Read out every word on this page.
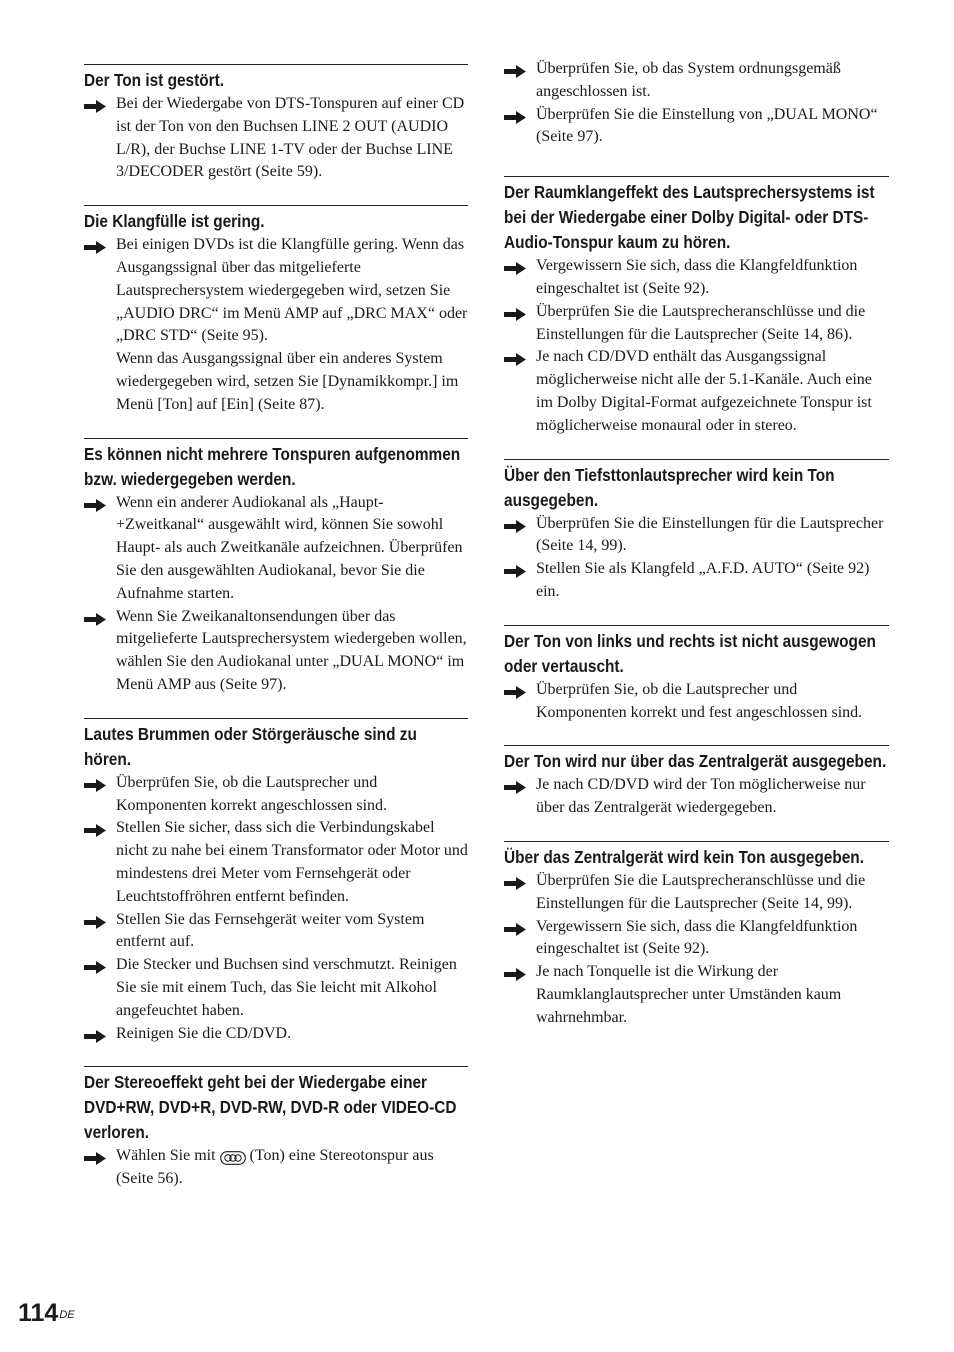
Der Ton ist gestört.

Bei der Wiedergabe von DTS-Tonspuren auf einer CD ist der Ton von den Buchsen LINE 2 OUT (AUDIO L/R), der Buchse LINE 1-TV oder der Buchse LINE 3/DECODER gestört (Seite 59).

Die Klangfülle ist gering.

Bei einigen DVDs ist die Klangfülle gering. Wenn das Ausgangssignal über das mitgelieferte Lautsprechersystem wiedergegeben wird, setzen Sie „AUDIO DRC“ im Menü AMP auf „DRC MAX“ oder „DRC STD“ (Seite 95).

Wenn das Ausgangssignal über ein anderes System wiedergegeben wird, setzen Sie [Dynamikkompr.] im Menü [Ton] auf [Ein] (Seite 87).

Es können nicht mehrere Tonspuren aufgenommen bzw. wiedergegeben werden.

Wenn ein anderer Audiokanal als „Haupt-+Zweitkanal“ ausgewählt wird, können Sie sowohl Haupt- als auch Zweitkanäle aufzeichnen. Überprüfen Sie den ausgewählten Audiokanal, bevor Sie die Aufnahme starten.

Wenn Sie Zweikanaltonsendungen über das mitgelieferte Lautsprechersystem wiedergeben wollen, wählen Sie den Audiokanal unter „DUAL MONO“ im Menü AMP aus (Seite 97).

Lautes Brummen oder Störgeräusche sind zu hören.

Überprüfen Sie, ob die Lautsprecher und Komponenten korrekt angeschlossen sind.

Stellen Sie sicher, dass sich die Verbindungskabel nicht zu nahe bei einem Transformator oder Motor und mindestens drei Meter vom Fernsehgerät oder Leuchtstoffröhren entfernt befinden.

Stellen Sie das Fernsehgerät weiter vom System entfernt auf.

Die Stecker und Buchsen sind verschmutzt. Reinigen Sie sie mit einem Tuch, das Sie leicht mit Alkohol angefeuchtet haben.

Reinigen Sie die CD/DVD.

Der Stereoeffekt geht bei der Wiedergabe einer DVD+RW, DVD+R, DVD-RW, DVD-R oder VIDEO-CD verloren.

Wählen Sie mit (Ton) eine Stereotonspur aus (Seite 56).

Überprüfen Sie, ob das System ordnungsgemäß angeschlossen ist.

Überprüfen Sie die Einstellung von „DUAL MONO“ (Seite 97).

Der Raumklangeffekt des Lautsprechersystems ist bei der Wiedergabe einer Dolby Digital- oder DTS-Audio-Tonspur kaum zu hören.

Vergewissern Sie sich, dass die Klangfeldfunktion eingeschaltet ist (Seite 92).

Überprüfen Sie die Lautsprecheranschlüsse und die Einstellungen für die Lautsprecher (Seite 14, 86).

Je nach CD/DVD enthält das Ausgangssignal möglicherweise nicht alle der 5.1-Kanäle. Auch eine im Dolby Digital-Format aufgezeichnete Tonspur ist möglicherweise monaural oder in stereo.

Über den Tiefsttonlautsprecher wird kein Ton ausgegeben.

Überprüfen Sie die Einstellungen für die Lautsprecher (Seite 14, 99).

Stellen Sie als Klangfeld „A.F.D. AUTO“ (Seite 92) ein.

Der Ton von links und rechts ist nicht ausgewogen oder vertauscht.

Überprüfen Sie, ob die Lautsprecher und Komponenten korrekt und fest angeschlossen sind.

Der Ton wird nur über das Zentralgerät ausgegeben.

Je nach CD/DVD wird der Ton möglicherweise nur über das Zentralgerät wiedergegeben.

Über das Zentralgerät wird kein Ton ausgegeben.

Überprüfen Sie die Lautsprecheranschlüsse und die Einstellungen für die Lautsprecher (Seite 14, 99).

Vergewissern Sie sich, dass die Klangfeldfunktion eingeschaltet ist (Seite 92).

Je nach Tonquelle ist die Wirkung der Raumklanglautsprecher unter Umständen kaum wahrnehmbar.

114DE
